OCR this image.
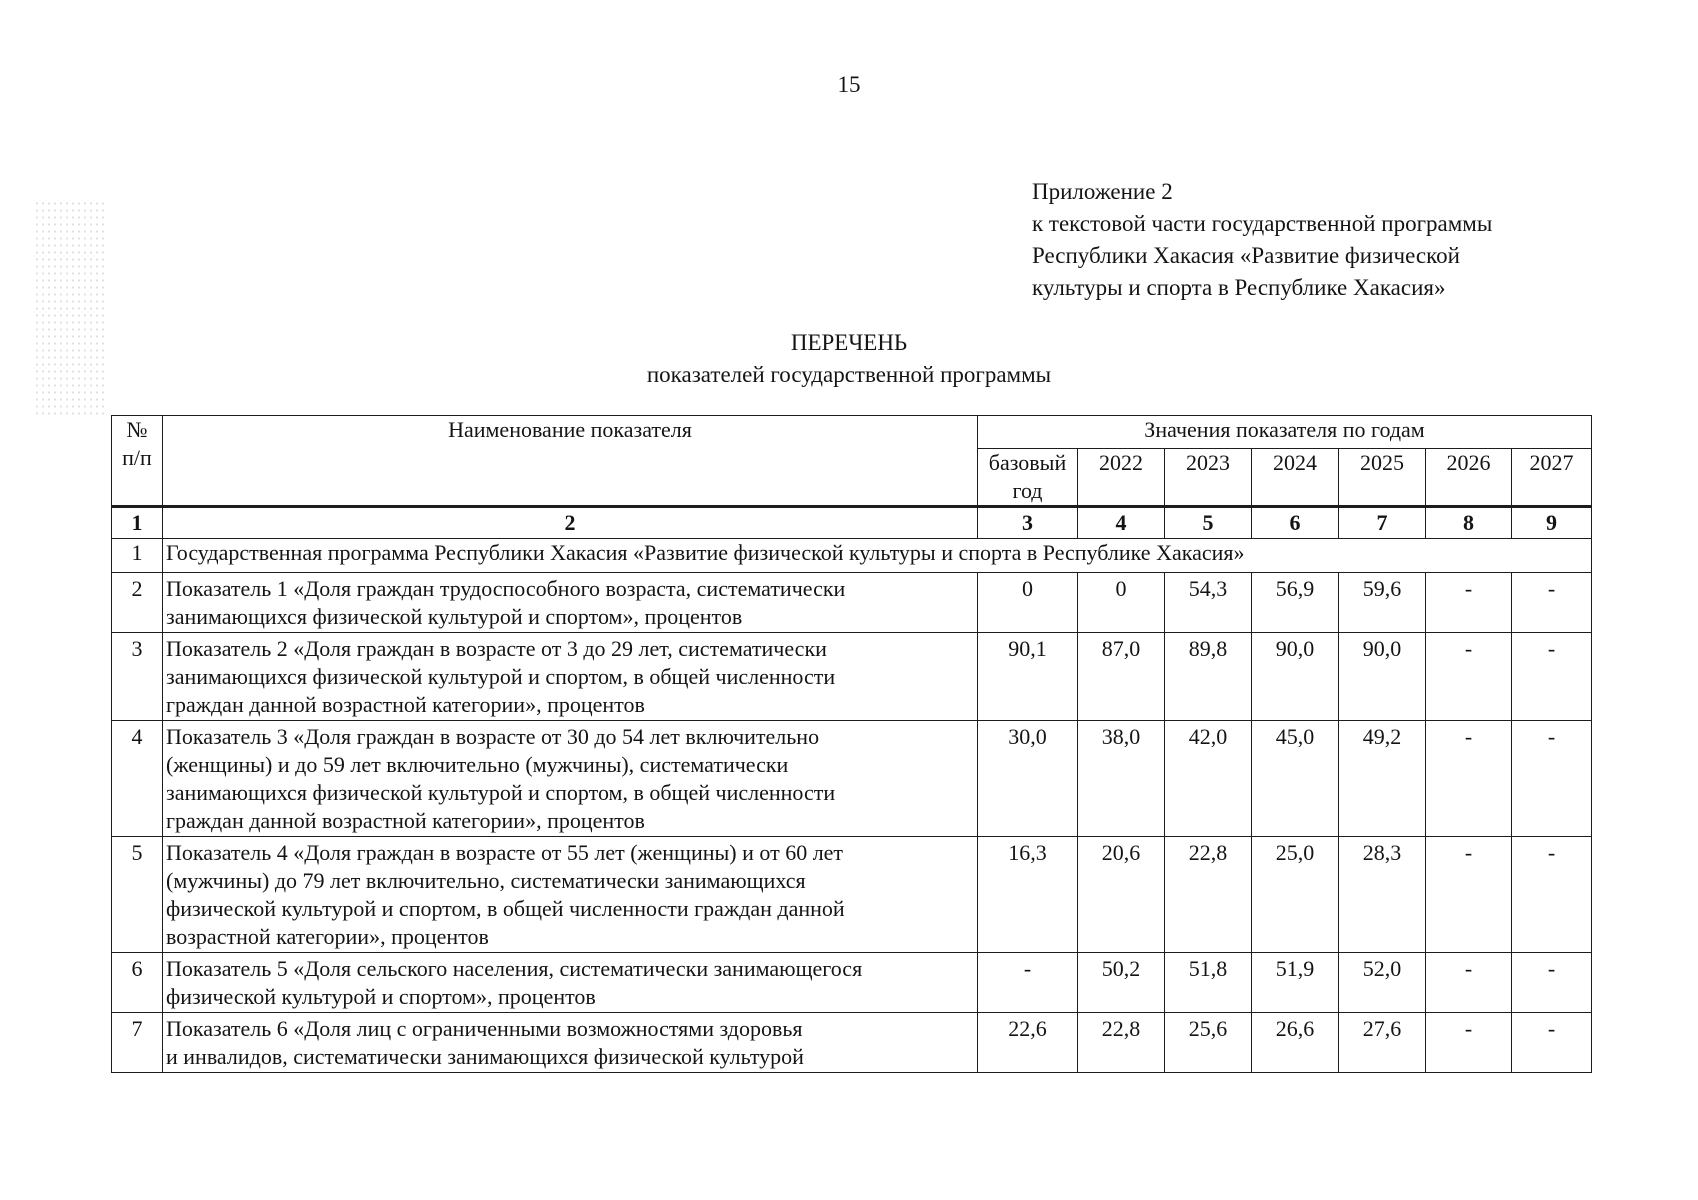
15
Приложение 2
к текстовой части государственной программы
Республики Хакасия «Развитие физической
культуры и спорта в Республике Хакасия»
ПЕРЕЧЕНЬ
показателей государственной программы
№ п/п	Наименование показателя	Значения показателя по годам						
		базовый год	2022	2023	2024	2025	2026	2027
1	2	3	4	5	6	7	8	9
1	Государственная программа Республики Хакасия «Развитие физической культуры и спорта в Республике Хакасия»							
2	Показатель 1 «Доля граждан трудоспособного возраста, систематически
занимающихся физической культурой и спортом», процентов	0	0	54,3	56,9	59,6	-	-
3	Показатель 2 «Доля граждан в возрасте от 3 до 29 лет, систематически
занимающихся физической культурой и спортом, в общей численности
граждан данной возрастной категории», процентов	90,1	87,0	89,8	90,0	90,0	-	-
4	Показатель 3 «Доля граждан в возрасте от 30 до 54 лет включительно
(женщины) и до 59 лет включительно (мужчины), систематически
занимающихся физической культурой и спортом, в общей численности
граждан данной возрастной категории», процентов	30,0	38,0	42,0	45,0	49,2	-	-
5	Показатель 4 «Доля граждан в возрасте от 55 лет (женщины) и от 60 лет
(мужчины) до 79 лет включительно, систематически занимающихся
физической культурой и спортом, в общей численности граждан данной
возрастной категории», процентов	16,3	20,6	22,8	25,0	28,3	-	-
6	Показатель 5 «Доля сельского населения, систематически занимающегося
физической культурой и спортом», процентов	-	50,2	51,8	51,9	52,0	-	-
7	Показатель 6 «Доля лиц с ограниченными возможностями здоровья
и инвалидов, систематически занимающихся физической культурой	22,6	22,8	25,6	26,6	27,6	-	-
